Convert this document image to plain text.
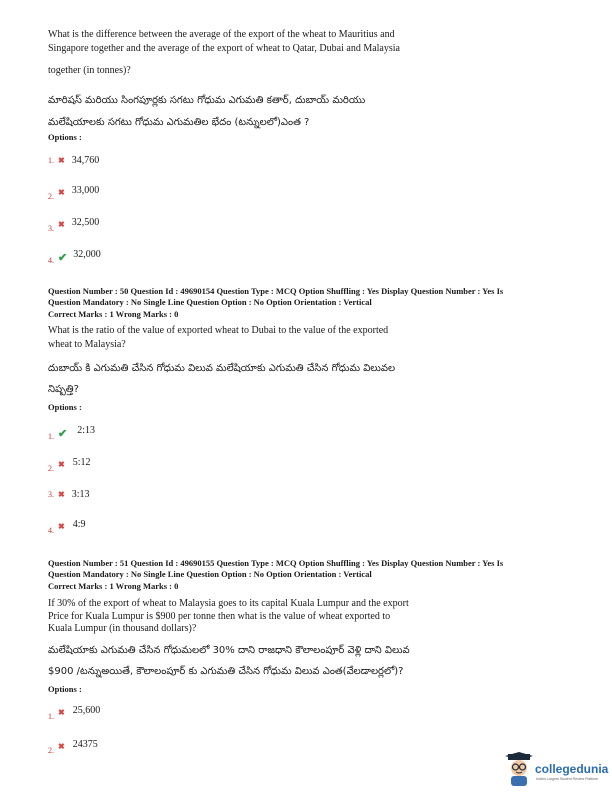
What is the difference between the average of the export of the wheat to Mauritius and
Singapore together and the average of the export of wheat to Qatar, Dubai and Malaysia
together (in tonnes)?
మారిషస్ మరియు సింగపూర్లకు సగటు గోధుమ ఎగుమతి కతార్, దుబాయ్ మరియు
మలేషియాలకు సగటు గోధుమ ఎగుమతిల భేదం (టన్నులలో)ఎంత ?
Options :
1. ✖ 34,760
$_{2.}$ ✖ 33,000
$_{3.}$ ✖ 32,500
$_{4.}$ $_✔$ 32,000
Question Number : 50 Question Id : 49690154 Question Type : MCQ Option Shuffling : Yes Display Question Number : Yes Is
Question Mandatory : No Single Line Question Option : No Option Orientation : Vertical
Correct Marks : 1 Wrong Marks : 0
What is the ratio of the value of exported wheat to Dubai to the value of the exported
wheat to Malaysia?
దుబాయ్ కి ఎగుమతి చేసిన గోధుమ విలువ మలేషియాకు ఎగుమతి చేసిన గోధుమ విలువల
నిష్పత్తి?
Options :
$_{1.}$ $_✔$ 2:13
$_{2.}$ ✖ 5:12
3. ✖ 3:13
$_{4.}$ ✖ 4:9
Question Number : 51 Question Id : 49690155 Question Type : MCQ Option Shuffling : Yes Display Question Number : Yes Is
Question Mandatory : No Single Line Question Option : No Option Orientation : Vertical
Correct Marks : 1 Wrong Marks : 0
If 30% of the export of wheat to Malaysia goes to its capital Kuala Lumpur and the export
Price for Kuala Lumpur is $900 per tonne then what is the value of wheat exported to
Kuala Lumpur (in thousand dollars)?
మలేషియాకు ఎగుమతి చేసిన గోధుమలలో 30% దాని రాజధాని కౌలాలంపూర్ వెళ్లి దాని విలువ
$900 /టన్నుఅయితే, కౌలాలంపూర్ కు ఎగుమతి చేసిన గోధుమ విలువ ఎంత(వేలడాలర్లలో)?
Options :
$_{1.}$ ✖ 25,600
$_{2.}$ ✖ 24375
collegedunia
India's Largest Student Review Platform
